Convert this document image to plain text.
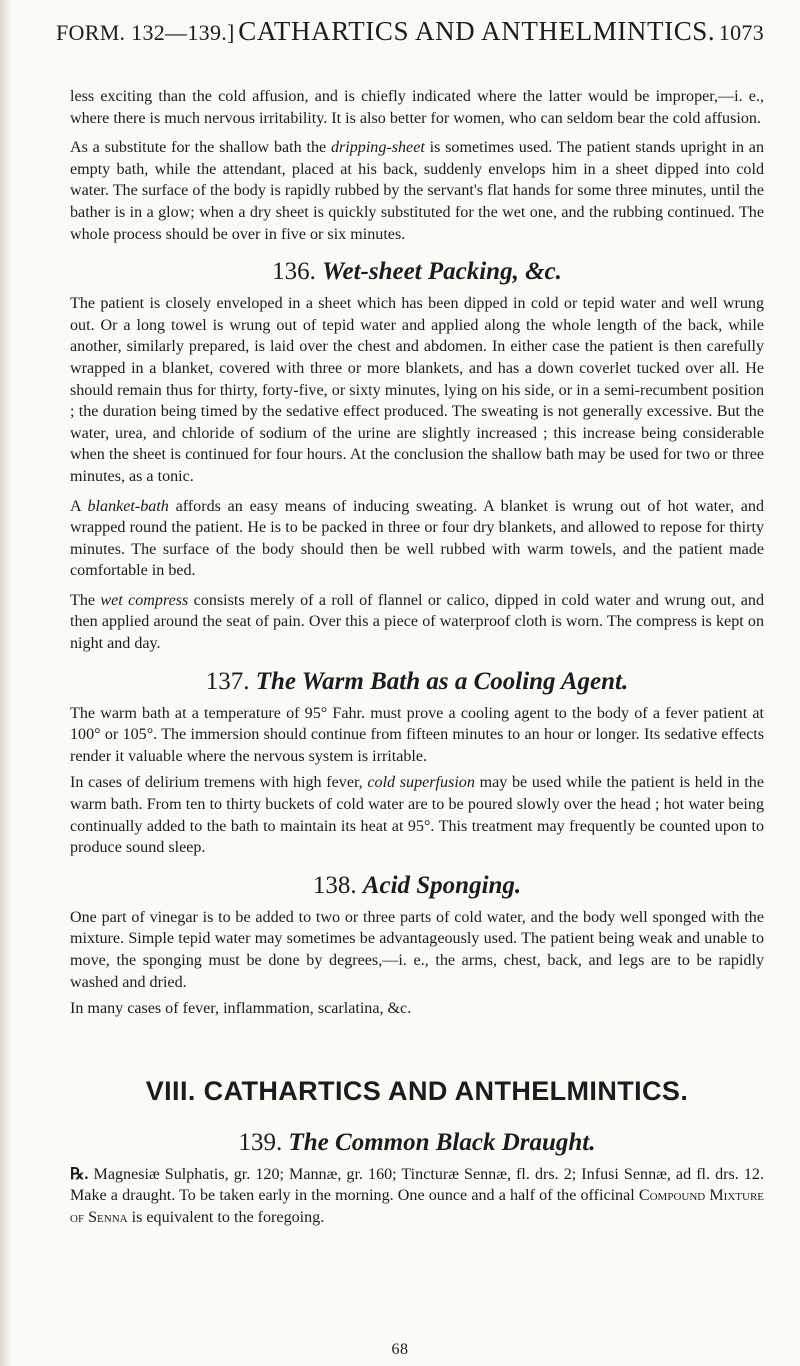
FORM. 132—139.] CATHARTICS AND ANTHELMINTICS. 1073

less exciting than the cold affusion, and is chiefly indicated where the latter would be improper,—i. e., where there is much nervous irritability. It is also better for women, who can seldom bear the cold affusion.

As a substitute for the shallow bath the dripping-sheet is sometimes used. The patient stands upright in an empty bath, while the attendant, placed at his back, suddenly envelops him in a sheet dipped into cold water. The surface of the body is rapidly rubbed by the servant's flat hands for some three minutes, until the bather is in a glow; when a dry sheet is quickly substituted for the wet one, and the rubbing continued. The whole process should be over in five or six minutes.

136. Wet-sheet Packing, &c.

The patient is closely enveloped in a sheet which has been dipped in cold or tepid water and well wrung out. Or a long towel is wrung out of tepid water and applied along the whole length of the back, while another, similarly prepared, is laid over the chest and abdomen. In either case the patient is then carefully wrapped in a blanket, covered with three or more blankets, and has a down coverlet tucked over all. He should remain thus for thirty, forty-five, or sixty minutes, lying on his side, or in a semi-recumbent position ; the duration being timed by the sedative effect produced. The sweating is not generally excessive. But the water, urea, and chloride of sodium of the urine are slightly increased ; this increase being considerable when the sheet is continued for four hours. At the conclusion the shallow bath may be used for two or three minutes, as a tonic.

A blanket-bath affords an easy means of inducing sweating. A blanket is wrung out of hot water, and wrapped round the patient. He is to be packed in three or four dry blankets, and allowed to repose for thirty minutes. The surface of the body should then be well rubbed with warm towels, and the patient made comfortable in bed.

The wet compress consists merely of a roll of flannel or calico, dipped in cold water and wrung out, and then applied around the seat of pain. Over this a piece of waterproof cloth is worn. The compress is kept on night and day.

137. The Warm Bath as a Cooling Agent.

The warm bath at a temperature of 95° Fahr. must prove a cooling agent to the body of a fever patient at 100° or 105°. The immersion should continue from fifteen minutes to an hour or longer. Its sedative effects render it valuable where the nervous system is irritable.

In cases of delirium tremens with high fever, cold superfusion may be used while the patient is held in the warm bath. From ten to thirty buckets of cold water are to be poured slowly over the head ; hot water being continually added to the bath to maintain its heat at 95°. This treatment may frequently be counted upon to produce sound sleep.

138. Acid Sponging.

One part of vinegar is to be added to two or three parts of cold water, and the body well sponged with the mixture. Simple tepid water may sometimes be advantageously used. The patient being weak and unable to move, the sponging must be done by degrees,—i. e., the arms, chest, back, and legs are to be rapidly washed and dried.

In many cases of fever, inflammation, scarlatina, &c.

VIII. CATHARTICS AND ANTHELMINTICS.
139. The Common Black Draught.

℞. Magnesiæ Sulphatis, gr. 120; Mannæ, gr. 160; Tincturæ Sennæ, fl. drs. 2; Infusi Sennæ, ad fl. drs. 12. Make a draught. To be taken early in the morning. One ounce and a half of the officinal Compound Mixture of Senna is equivalent to the foregoing.

68
